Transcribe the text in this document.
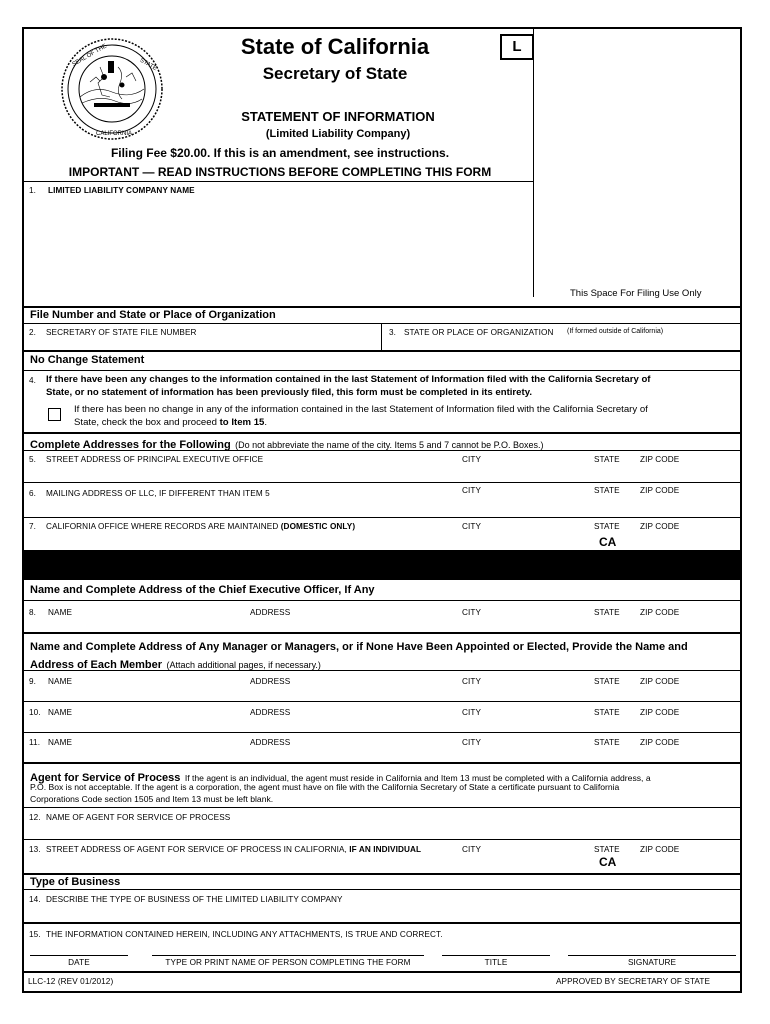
SEAL OF THE	STATE
CALIFORNIA
State of California
Secretary of State
L
STATEMENT OF INFORMATION
(Limited Liability Company)
Filing Fee $20.00. If this is an amendment, see instructions.
IMPORTANT — READ INSTRUCTIONS BEFORE COMPLETING THIS FORM
1. LIMITED LIABILITY COMPANY NAME
This Space For Filing Use Only
File Number and State or Place of Organization
2. SECRETARY OF STATE FILE NUMBER	3. STATE OR PLACE OF ORGANIZATION (If formed outside of California)
No Change Statement
4. If there have been any changes to the information contained in the last Statement of Information filed with the California Secretary of
State, or no statement of information has been previously filed, this form must be completed in its entirety.
If there has been no change in any of the information contained in the last Statement of Information filed with the California Secretary of
State, check the box and proceed to Item 15.
Complete Addresses for the Following (Do not abbreviate the name of the city. Items 5 and 7 cannot be P.O. Boxes.)
5. STREET ADDRESS OF PRINCIPAL EXECUTIVE OFFICE	CITY	STATE ZIP CODE
6. MAILING ADDRESS OF LLC, IF DIFFERENT THAN ITEM 5	CITY	STATE ZIP CODE
7. CALIFORNIA OFFICE WHERE RECORDS ARE MAINTAINED (DOMESTIC ONLY)	CITY	STATE ZIP CODE
CA
Name and Complete Address of the Chief Executive Officer, If Any
8. NAME	ADDRESS	CITY	STATE ZIP CODE
Name and Complete Address of Any Manager or Managers, or if None Have Been Appointed or Elected, Provide the Name and
Address of Each Member (Attach additional pages, if necessary.)
9. NAME	ADDRESS	CITY	STATE ZIP CODE
10. NAME	ADDRESS	CITY	STATE ZIP CODE
11. NAME	ADDRESS	CITY	STATE ZIP CODE
Agent for Service of Process If the agent is an individual, the agent must reside in California and Item 13 must be completed with a California address, a
P.O. Box is not acceptable. If the agent is a corporation, the agent must have on file with the California Secretary of State a certificate pursuant to California
Corporations Code section 1505 and Item 13 must be left blank.
12. NAME OF AGENT FOR SERVICE OF PROCESS
13. STREET ADDRESS OF AGENT FOR SERVICE OF PROCESS IN CALIFORNIA, IF AN INDIVIDUAL	CITY	STATE ZIP CODE
CA
Type of Business
14. DESCRIBE THE TYPE OF BUSINESS OF THE LIMITED LIABILITY COMPANY
15. THE INFORMATION CONTAINED HEREIN, INCLUDING ANY ATTACHMENTS, IS TRUE AND CORRECT.
DATE	TYPE OR PRINT NAME OF PERSON COMPLETING THE FORM	TITLE	SIGNATURE
LLC-12 (REV 01/2012)	APPROVED BY SECRETARY OF STATE
